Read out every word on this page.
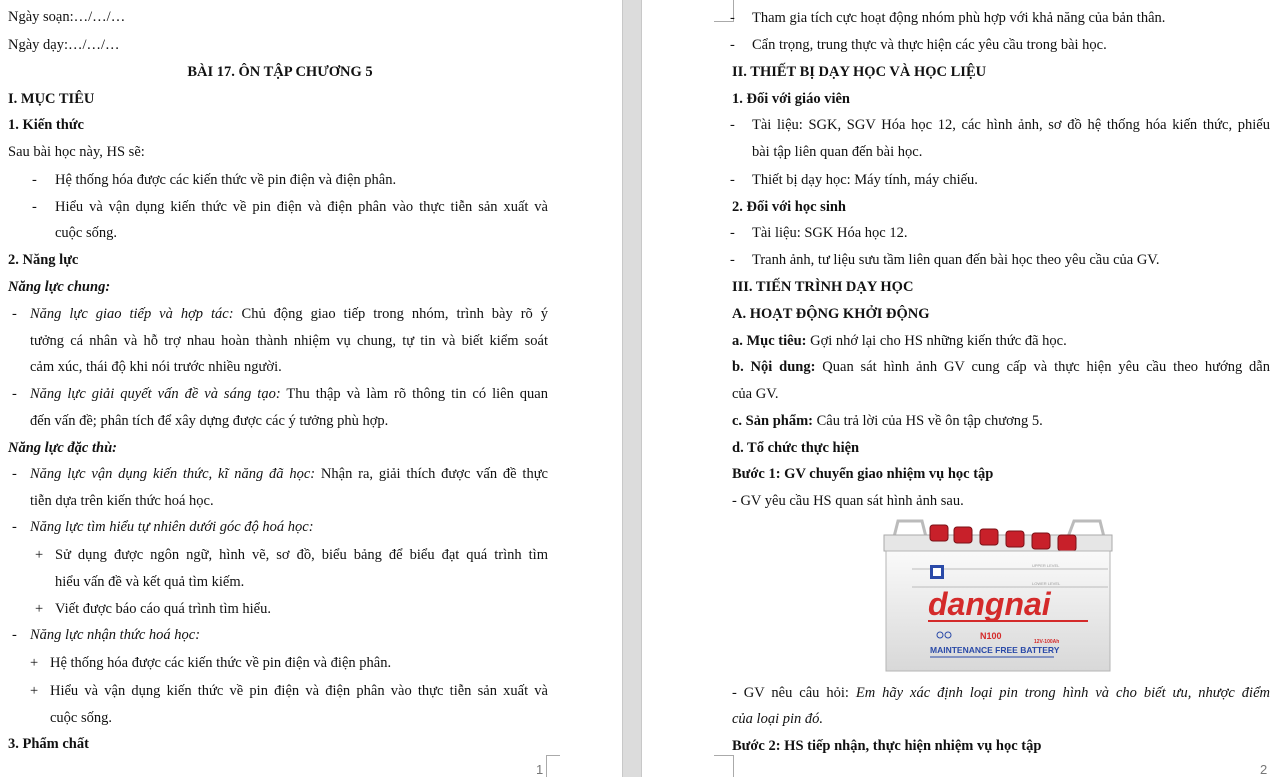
Ngày soạn:…/…/…
Ngày dạy:…/…/…
BÀI 17. ÔN TẬP CHƯƠNG 5
I. MỤC TIÊU
1. Kiến thức
Sau bài học này, HS sẽ:
- Hệ thống hóa được các kiến thức về pin điện và điện phân.
- Hiểu và vận dụng kiến thức về pin điện và điện phân vào thực tiễn sản xuất và
cuộc sống.
2. Năng lực
Năng lực chung:
- Năng lực giao tiếp và hợp tác: Chủ động giao tiếp trong nhóm, trình bày rõ ý
tưởng cá nhân và hỗ trợ nhau hoàn thành nhiệm vụ chung, tự tin và biết kiểm soát
cảm xúc, thái độ khi nói trước nhiều người.
- Năng lực giải quyết vấn đề và sáng tạo: Thu thập và làm rõ thông tin có liên quan
đến vấn đề; phân tích để xây dựng được các ý tưởng phù hợp.
Năng lực đặc thù:
- Năng lực vận dụng kiến thức, kĩ năng đã học: Nhận ra, giải thích được vấn đề thực
tiễn dựa trên kiến thức hoá học.
- Năng lực tìm hiểu tự nhiên dưới góc độ hoá học:
+ Sử dụng được ngôn ngữ, hình vẽ, sơ đồ, biểu bảng để biểu đạt quá trình tìm
hiểu vấn đề và kết quả tìm kiếm.
+ Viết được báo cáo quá trình tìm hiểu.
- Năng lực nhận thức hoá học:
+ Hệ thống hóa được các kiến thức về pin điện và điện phân.
+ Hiểu và vận dụng kiến thức về pin điện và điện phân vào thực tiễn sản xuất và
cuộc sống.
3. Phẩm chất
1
- Tham gia tích cực hoạt động nhóm phù hợp với khả năng của bản thân.
- Cẩn trọng, trung thực và thực hiện các yêu cầu trong bài học.
II. THIẾT BỊ DẠY HỌC VÀ HỌC LIỆU
1. Đối với giáo viên
- Tài liệu: SGK, SGV Hóa học 12, các hình ảnh, sơ đồ hệ thống hóa kiến thức, phiếu
bài tập liên quan đến bài học.
- Thiết bị dạy học: Máy tính, máy chiếu.
2. Đối với học sinh
- Tài liệu: SGK Hóa học 12.
- Tranh ảnh, tư liệu sưu tầm liên quan đến bài học theo yêu cầu của GV.
III. TIẾN TRÌNH DẠY HỌC
A. HOẠT ĐỘNG KHỞI ĐỘNG
a. Mục tiêu: Gợi nhớ lại cho HS những kiến thức đã học.
b. Nội dung: Quan sát hình ảnh GV cung cấp và thực hiện yêu cầu theo hướng dẫn
của GV.
c. Sản phẩm: Câu trả lời của HS về ôn tập chương 5.
d. Tổ chức thực hiện
Bước 1: GV chuyển giao nhiệm vụ học tập
- GV yêu cầu HS quan sát hình ảnh sau.
- GV nêu câu hỏi: Em hãy xác định loại pin trong hình và cho biết ưu, nhược điểm
của loại pin đó.
Bước 2: HS tiếp nhận, thực hiện nhiệm vụ học tập
2
UPPER LEVEL
LOWER LEVEL
dangnai
N100
12V-100Ah
MAINTENANCE FREE BATTERY
